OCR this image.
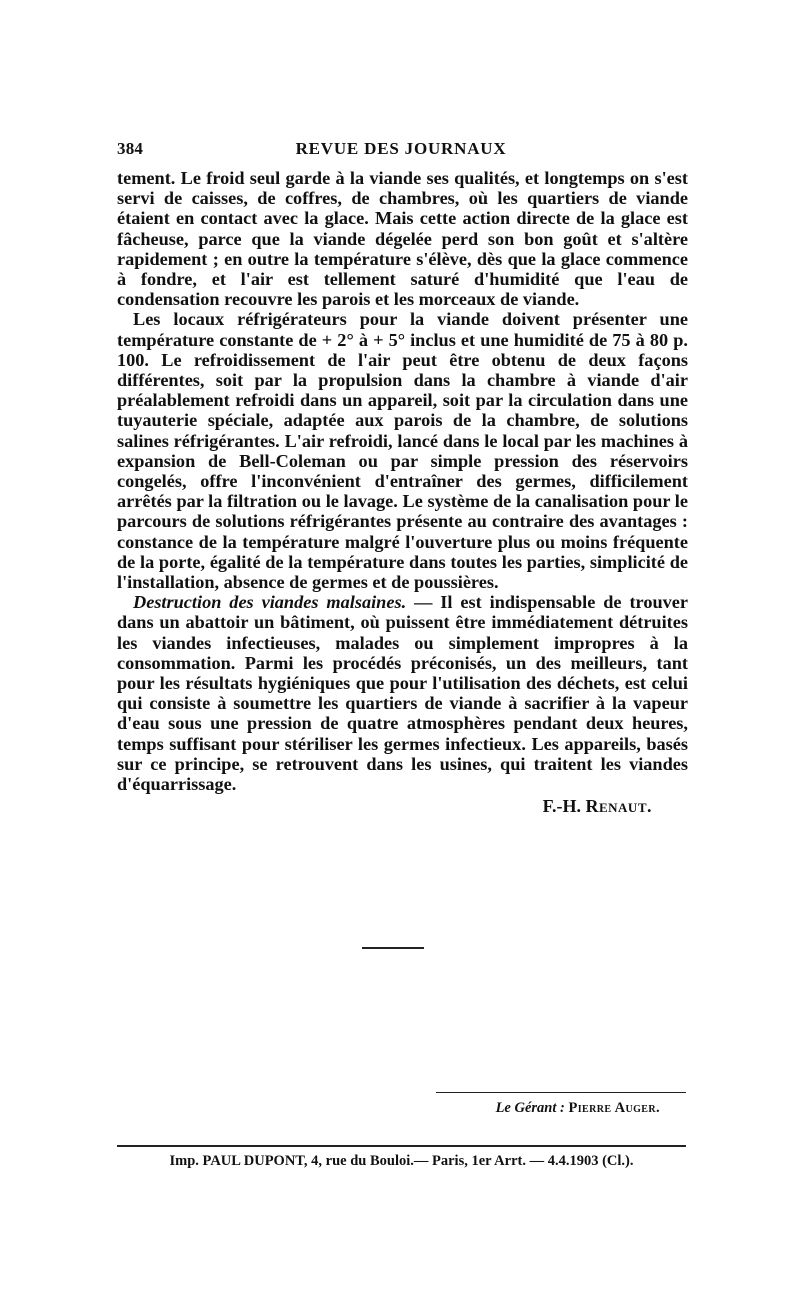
384	REVUE DES JOURNAUX

tement. Le froid seul garde à la viande ses qualités, et longtemps on s'est servi de caisses, de coffres, de chambres, où les quartiers de viande étaient en contact avec la glace. Mais cette action directe de la glace est fâcheuse, parce que la viande dégelée perd son bon goût et s'altère rapidement ; en outre la température s'élève, dès que la glace commence à fondre, et l'air est tellement saturé d'humidité que l'eau de condensation recouvre les parois et les morceaux de viande.

Les locaux réfrigérateurs pour la viande doivent présenter une température constante de + 2° à + 5° inclus et une humidité de 75 à 80 p. 100. Le refroidissement de l'air peut être obtenu de deux façons différentes, soit par la propulsion dans la chambre à viande d'air préalablement refroidi dans un appareil, soit par la circulation dans une tuyauterie spéciale, adaptée aux parois de la chambre, de solutions salines réfrigérantes. L'air refroidi, lancé dans le local par les machines à expansion de Bell-Coleman ou par simple pression des réservoirs congelés, offre l'inconvénient d'entraîner des germes, difficilement arrêtés par la filtration ou le lavage. Le système de la canalisation pour le parcours de solutions réfrigérantes présente au contraire des avantages : constance de la température malgré l'ouverture plus ou moins fréquente de la porte, égalité de la température dans toutes les parties, simplicité de l'installation, absence de germes et de poussières.

Destruction des viandes malsaines. — Il est indispensable de trouver dans un abattoir un bâtiment, où puissent être immédiatement détruites les viandes infectieuses, malades ou simplement impropres à la consommation. Parmi les procédés préconisés, un des meilleurs, tant pour les résultats hygiéniques que pour l'utilisation des déchets, est celui qui consiste à soumettre les quartiers de viande à sacrifier à la vapeur d'eau sous une pression de quatre atmosphères pendant deux heures, temps suffisant pour stériliser les germes infectieux. Les appareils, basés sur ce principe, se retrouvent dans les usines, qui traitent les viandes d'équarrissage.

F.-H. Renaut.
Le Gérant : Pierre Auger.
Imp. PAUL DUPONT, 4, rue du Bouloi.— Paris, 1er Arrt. — 4.4.1903 (Cl.).
